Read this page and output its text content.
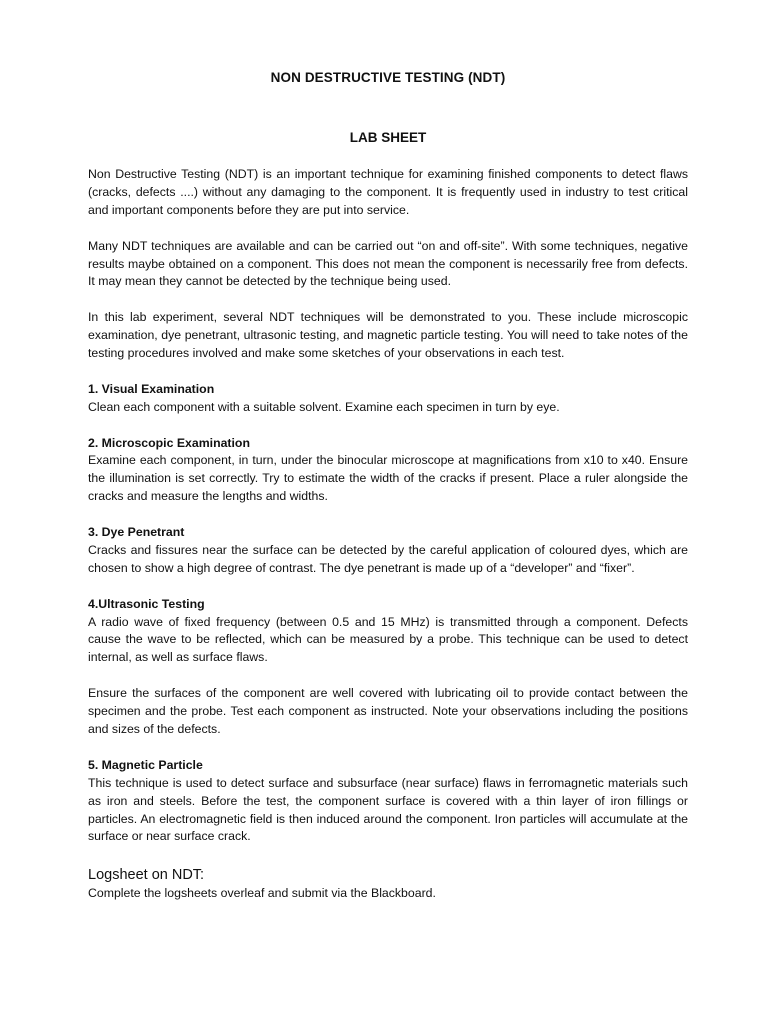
NON DESTRUCTIVE TESTING (NDT)
LAB SHEET

Non Destructive Testing (NDT) is an important technique for examining finished components to detect flaws (cracks, defects ....) without any damaging to the component. It is frequently used in industry to test critical and important components before they are put into service.

Many NDT techniques are available and can be carried out “on and off-site”. With some techniques, negative results maybe obtained on a component. This does not mean the component is necessarily free from defects. It may mean they cannot be detected by the technique being used.

In this lab experiment, several NDT techniques will be demonstrated to you. These include microscopic examination, dye penetrant, ultrasonic testing, and magnetic particle testing. You will need to take notes of the testing procedures involved and make some sketches of your observations in each test.

1. Visual Examination

Clean each component with a suitable solvent. Examine each specimen in turn by eye.

2. Microscopic Examination

Examine each component, in turn, under the binocular microscope at magnifications from x10 to x40. Ensure the illumination is set correctly. Try to estimate the width of the cracks if present. Place a ruler alongside the cracks and measure the lengths and widths.

3. Dye Penetrant

Cracks and fissures near the surface can be detected by the careful application of coloured dyes, which are chosen to show a high degree of contrast. The dye penetrant is made up of a “developer” and “fixer”.

4.Ultrasonic Testing

A radio wave of fixed frequency (between 0.5 and 15 MHz) is transmitted through a component. Defects cause the wave to be reflected, which can be measured by a probe. This technique can be used to detect internal, as well as surface flaws.

Ensure the surfaces of the component are well covered with lubricating oil to provide contact between the specimen and the probe. Test each component as instructed. Note your observations including the positions and sizes of the defects.

5. Magnetic Particle

This technique is used to detect surface and subsurface (near surface) flaws in ferromagnetic materials such as iron and steels. Before the test, the component surface is covered with a thin layer of iron fillings or particles. An electromagnetic field is then induced around the component. Iron particles will accumulate at the surface or near surface crack.

Logsheet on NDT:

Complete the logsheets overleaf and submit via the Blackboard.
